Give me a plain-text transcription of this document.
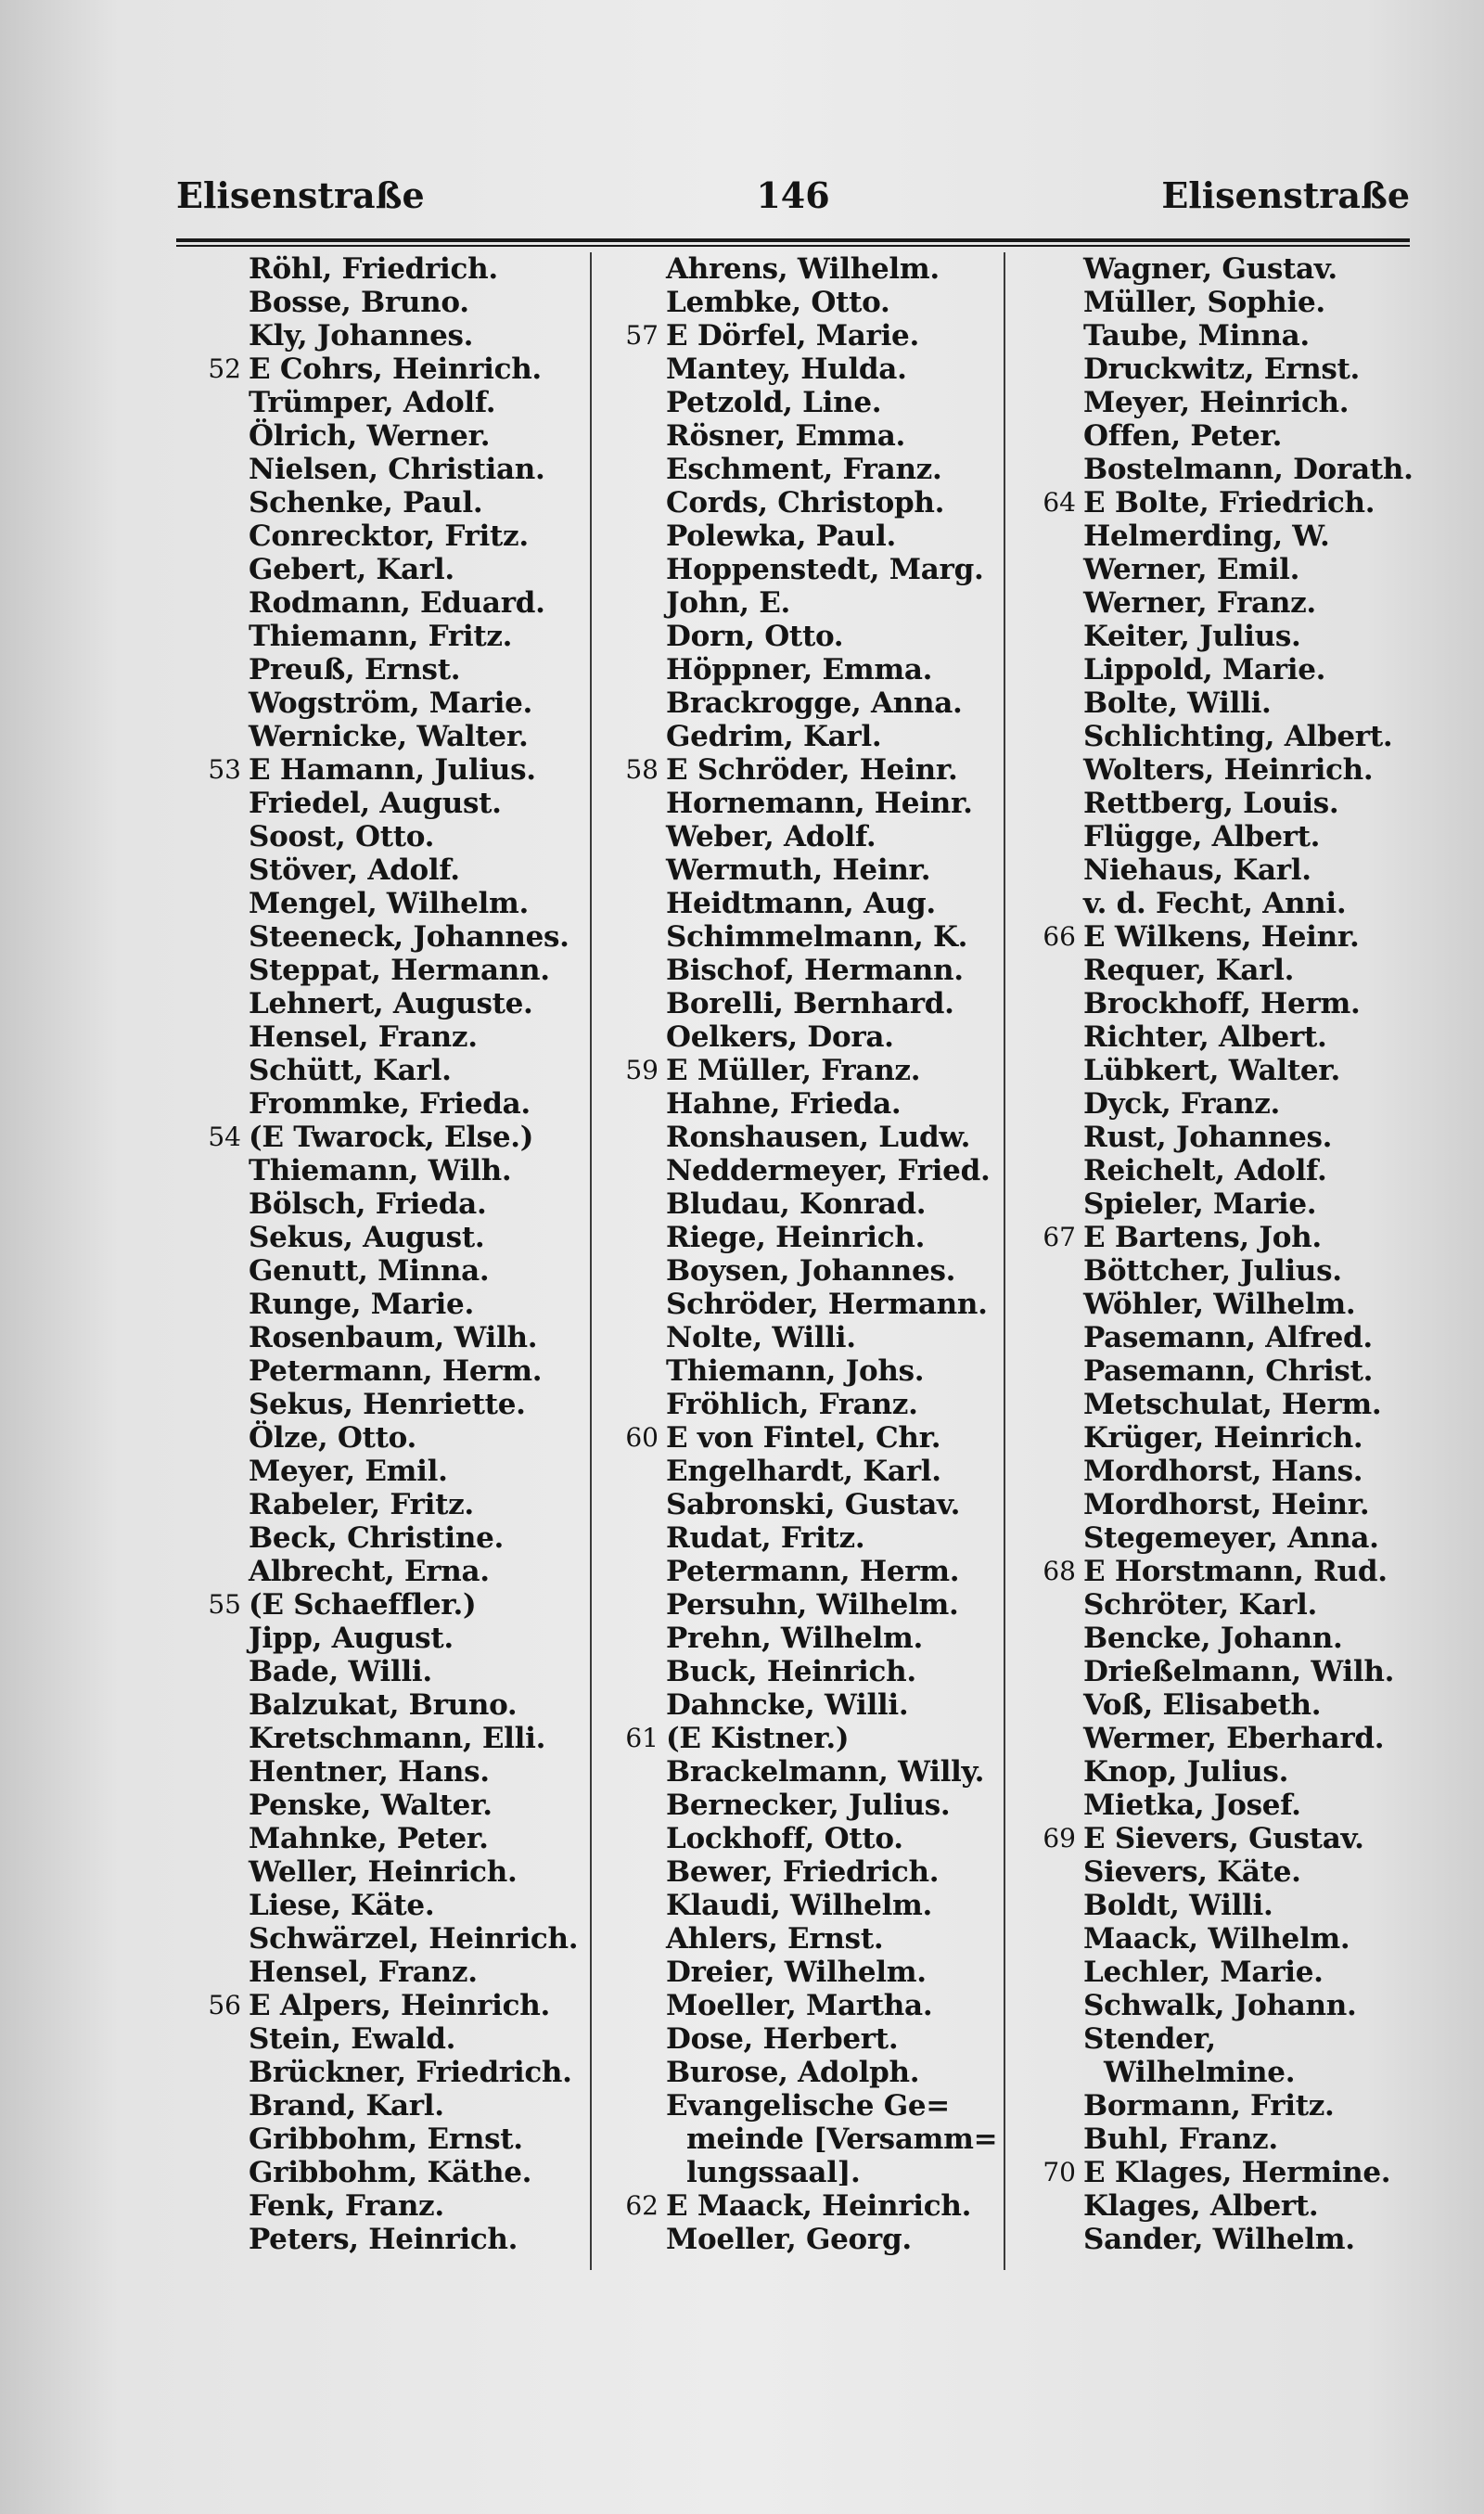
Elisenstraße	146	Elisenstraße
Röhl, Friedrich.
Bosse, Bruno.
Kly, Johannes.
52 E Cohrs, Heinrich.
Trümper, Adolf.
Ölrich, Werner.
Nielsen, Christian.
Schenke, Paul.
Conrecktor, Fritz.
Gebert, Karl.
Rodmann, Eduard.
Thiemann, Fritz.
Preuß, Ernst.
Wogström, Marie.
Wernicke, Walter.
53 E Hamann, Julius.
Friedel, August.
Soost, Otto.
Stöver, Adolf.
Mengel, Wilhelm.
Steeneck, Johannes.
Steppat, Hermann.
Lehnert, Auguste.
Hensel, Franz.
Schütt, Karl.
Frommke, Frieda.
54 (E Twarock, Else.)
Thiemann, Wilh.
Bölsch, Frieda.
Sekus, August.
Genutt, Minna.
Runge, Marie.
Rosenbaum, Wilh.
Petermann, Herm.
Sekus, Henriette.
Ölze, Otto.
Meyer, Emil.
Rabeler, Fritz.
Beck, Christine.
Albrecht, Erna.
55 (E Schaeffler.)
Jipp, August.
Bade, Willi.
Balzukat, Bruno.
Kretschmann, Elli.
Hentner, Hans.
Penske, Walter.
Mahnke, Peter.
Weller, Heinrich.
Liese, Käte.
Schwärzel, Heinrich.
Hensel, Franz.
56 E Alpers, Heinrich.
Stein, Ewald.
Brückner, Friedrich.
Brand, Karl.
Gribbohm, Ernst.
Gribbohm, Käthe.
Fenk, Franz.
Peters, Heinrich.
Ahrens, Wilhelm.
Lembke, Otto.
57 E Dörfel, Marie.
Mantey, Hulda.
Petzold, Line.
Rösner, Emma.
Eschment, Franz.
Cords, Christoph.
Polewka, Paul.
Hoppenstedt, Marg.
John, E.
Dorn, Otto.
Höppner, Emma.
Brackrogge, Anna.
Gedrim, Karl.
58 E Schröder, Heinr.
Hornemann, Heinr.
Weber, Adolf.
Wermuth, Heinr.
Heidtmann, Aug.
Schimmelmann, K.
Bischof, Hermann.
Borelli, Bernhard.
Oelkers, Dora.
59 E Müller, Franz.
Hahne, Frieda.
Ronshausen, Ludw.
Neddermeyer, Fried.
Bludau, Konrad.
Riege, Heinrich.
Boysen, Johannes.
Schröder, Hermann.
Nolte, Willi.
Thiemann, Johs.
Fröhlich, Franz.
60 E von Fintel, Chr.
Engelhardt, Karl.
Sabronski, Gustav.
Rudat, Fritz.
Petermann, Herm.
Persuhn, Wilhelm.
Prehn, Wilhelm.
Buck, Heinrich.
Dahncke, Willi.
61 (E Kistner.)
Brackelmann, Willy.
Bernecker, Julius.
Lockhoff, Otto.
Bewer, Friedrich.
Klaudi, Wilhelm.
Ahlers, Ernst.
Dreier, Wilhelm.
Moeller, Martha.
Dose, Herbert.
Burose, Adolph.
Evangelische Ge=
meinde [Versamm=
lungssaal].
62 E Maack, Heinrich.
Moeller, Georg.
Wagner, Gustav.
Müller, Sophie.
Taube, Minna.
Druckwitz, Ernst.
Meyer, Heinrich.
Offen, Peter.
Bostelmann, Dorath.
64 E Bolte, Friedrich.
Helmerding, W.
Werner, Emil.
Werner, Franz.
Keiter, Julius.
Lippold, Marie.
Bolte, Willi.
Schlichting, Albert.
Wolters, Heinrich.
Rettberg, Louis.
Flügge, Albert.
Niehaus, Karl.
v. d. Fecht, Anni.
66 E Wilkens, Heinr.
Requer, Karl.
Brockhoff, Herm.
Richter, Albert.
Lübkert, Walter.
Dyck, Franz.
Rust, Johannes.
Reichelt, Adolf.
Spieler, Marie.
67 E Bartens, Joh.
Böttcher, Julius.
Wöhler, Wilhelm.
Pasemann, Alfred.
Pasemann, Christ.
Metschulat, Herm.
Krüger, Heinrich.
Mordhorst, Hans.
Mordhorst, Heinr.
Stegemeyer, Anna.
68 E Horstmann, Rud.
Schröter, Karl.
Bencke, Johann.
Drießelmann, Wilh.
Voß, Elisabeth.
Wermer, Eberhard.
Knop, Julius.
Mietka, Josef.
69 E Sievers, Gustav.
Sievers, Käte.
Boldt, Willi.
Maack, Wilhelm.
Lechler, Marie.
Schwalk, Johann.
Stender,
Wilhelmine.
Bormann, Fritz.
Buhl, Franz.
70 E Klages, Hermine.
Klages, Albert.
Sander, Wilhelm.
